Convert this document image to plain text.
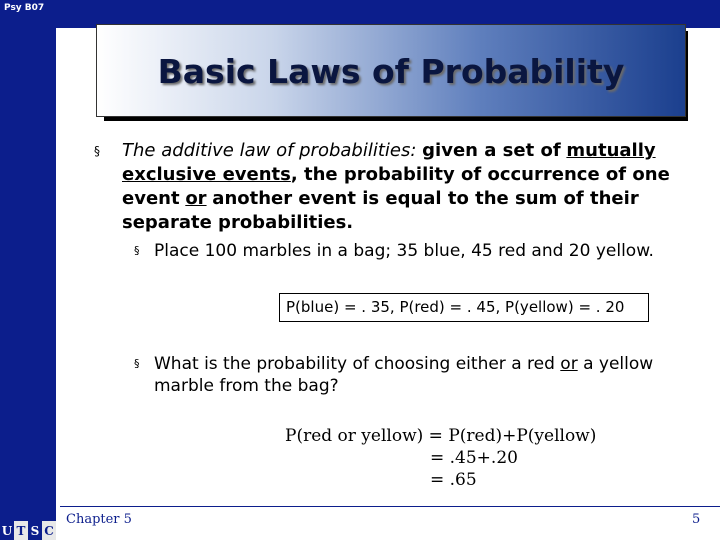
Psy B07
Basic Laws of Probability
§ The additive law of probabilities: given a set of mutually exclusive events, the probability of occurrence of one event or another event is equal to the sum of their separate probabilities.
§ Place 100 marbles in a bag; 35 blue, 45 red and 20 yellow.
P(blue) = . 35, P(red) = . 45, P(yellow) = . 20
§ What is the probability of choosing either a red or a yellow marble from the bag?
P(red or yellow) = P(red)+P(yellow)
= .45+.20
= .65
Chapter 5	5
U T S C
